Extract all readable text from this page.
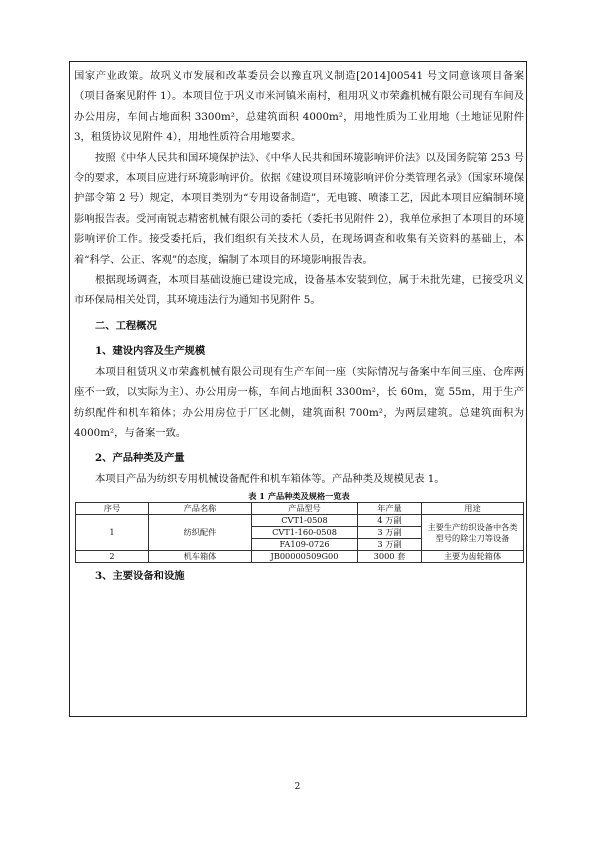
国家产业政策。故巩义市发展和改革委员会以豫直巩义制造[2014]00541 号文同意该项目备案（项目备案见附件 1）。本项目位于巩义市米河镇米南村，租用巩义市荣鑫机械有限公司现有车间及办公用房，车间占地面积 3300m²，总建筑面积 4000m²，用地性质为工业用地（土地证见附件 3，租赁协议见附件 4），用地性质符合用地要求。

按照《中华人民共和国环境保护法》、《中华人民共和国环境影响评价法》以及国务院第 253 号令的要求，本项目应进行环境影响评价。依据《建设项目环境影响评价分类管理名录》（国家环境保护部令第 2 号）规定，本项目类别为“专用设备制造”，无电镀、喷漆工艺，因此本项目应编制环境影响报告表。受河南锐志精密机械有限公司的委托（委托书见附件 2），我单位承担了本项目的环境影响评价工作。接受委托后，我们组织有关技术人员，在现场调查和收集有关资料的基础上，本着“科学、公正、客观”的态度，编制了本项目的环境影响报告表。

根据现场调查，本项目基础设施已建设完成，设备基本安装到位，属于未批先建，已接受巩义市环保局相关处罚，其环境违法行为通知书见附件 5。

二、工程概况

1、建设内容及生产规模

本项目租赁巩义市荣鑫机械有限公司现有生产车间一座（实际情况与备案中车间三座、仓库两座不一致，以实际为主）、办公用房一栋，车间占地面积 3300m²，长 60m，宽 55m，用于生产纺织配件和机车箱体；办公用房位于厂区北侧，建筑面积 700m²，为两层建筑。总建筑面积为 4000m²，与备案一致。

2、产品种类及产量

本项目产品为纺织专用机械设备配件和机车箱体等。产品种类及规模见表 1。

表 1 产品种类及规格一览表
序号	产品名称	产品型号	年产量	用途
1	纺织配件	CVT1-0508	4 万副	主要生产纺织设备中各类型号的除尘刀等设备
		CVT1-160-0508	3 万副	
		FA109-0726	3 万副	
2	机车箱体	JB00000509G00	3000 套	主要为齿轮箱体

3、主要设备和设施

2
